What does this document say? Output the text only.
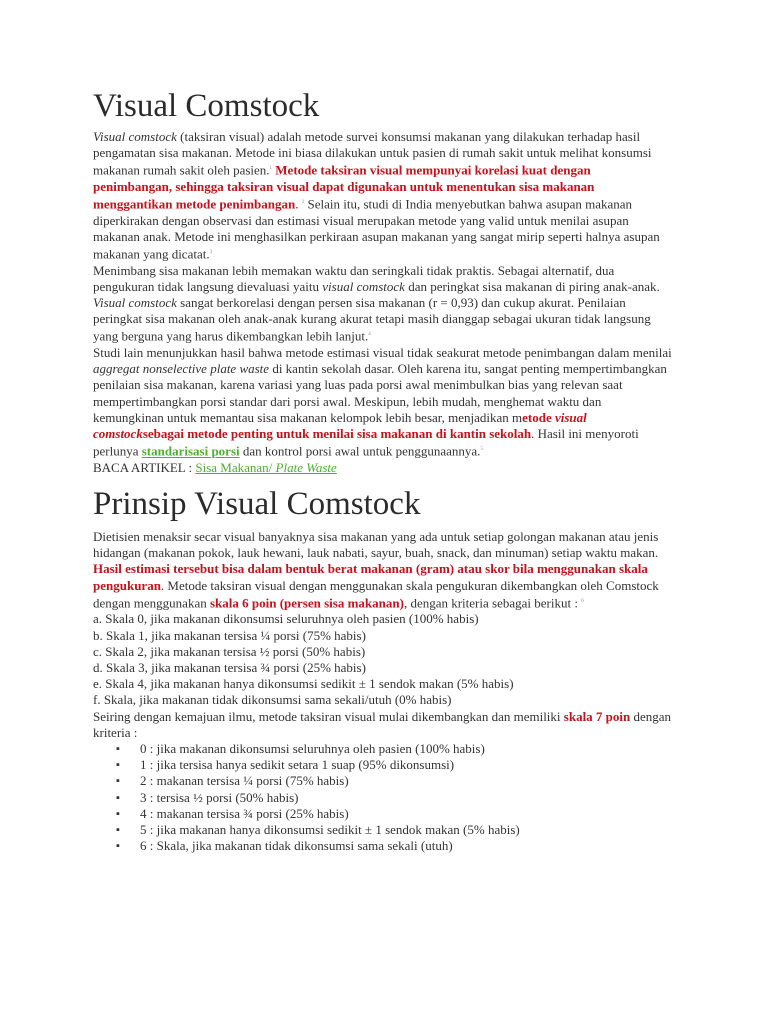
Visual Comstock
Visual comstock (taksiran visual) adalah metode survei konsumsi makanan yang dilakukan terhadap hasil pengamatan sisa makanan. Metode ini biasa dilakukan untuk pasien di rumah sakit untuk melihat konsumsi makanan rumah sakit oleh pasien.$^1$ Metode taksiran visual mempunyai korelasi kuat dengan penimbangan, sehingga taksiran visual dapat digunakan untuk menentukan sisa makanan menggantikan metode penimbangan. $^2$ Selain itu, studi di India menyebutkan bahwa asupan makanan diperkirakan dengan observasi dan estimasi visual merupakan metode yang valid untuk menilai asupan makanan anak. Metode ini menghasilkan perkiraan asupan makanan yang sangat mirip seperti halnya asupan makanan yang dicatat.$^3$
Menimbang sisa makanan lebih memakan waktu dan seringkali tidak praktis. Sebagai alternatif, dua pengukuran tidak langsung dievaluasi yaitu visual comstock dan peringkat sisa makanan di piring anak-anak. Visual comstock sangat berkorelasi dengan persen sisa makanan (r = 0,93) dan cukup akurat. Penilaian peringkat sisa makanan oleh anak-anak kurang akurat tetapi masih dianggap sebagai ukuran tidak langsung yang berguna yang harus dikembangkan lebih lanjut.$^4$
Studi lain menunjukkan hasil bahwa metode estimasi visual tidak seakurat metode penimbangan dalam menilai aggregat nonselective plate waste di kantin sekolah dasar. Oleh karena itu, sangat penting mempertimbangkan penilaian sisa makanan, karena variasi yang luas pada porsi awal menimbulkan bias yang relevan saat mempertimbangkan porsi standar dari porsi awal. Meskipun, lebih mudah, menghemat waktu dan kemungkinan untuk memantau sisa makanan kelompok lebih besar, menjadikan metode visual comstocksebagai metode penting untuk menilai sisa makanan di kantin sekolah. Hasil ini menyoroti perlunya standarisasi porsi dan kontrol porsi awal untuk penggunaannya.$^5$
BACA ARTIKEL : Sisa Makanan/ Plate Waste
Prinsip Visual Comstock
Dietisien menaksir secar visual banyaknya sisa makanan yang ada untuk setiap golongan makanan atau jenis hidangan (makanan pokok, lauk hewani, lauk nabati, sayur, buah, snack, dan minuman) setiap waktu makan. Hasil estimasi tersebut bisa dalam bentuk berat makanan (gram) atau skor bila menggunakan skala pengukuran. Metode taksiran visual dengan menggunakan skala pengukuran dikembangkan oleh Comstock dengan menggunakan skala 6 poin (persen sisa makanan), dengan kriteria sebagai berikut : $^6$
a. Skala 0, jika makanan dikonsumsi seluruhnya oleh pasien (100% habis)
b. Skala 1, jika makanan tersisa ¼ porsi (75% habis)
c. Skala 2, jika makanan tersisa ½ porsi (50% habis)
d. Skala 3, jika makanan tersisa ¾ porsi (25% habis)
e. Skala 4, jika makanan hanya dikonsumsi sedikit ± 1 sendok makan (5% habis)
f. Skala, jika makanan tidak dikonsumsi sama sekali/utuh (0% habis)
Seiring dengan kemajuan ilmu, metode taksiran visual mulai dikembangkan dan memiliki skala 7 poin dengan kriteria :
▪ 0 : jika makanan dikonsumsi seluruhnya oleh pasien (100% habis)
▪ 1 : jika tersisa hanya sedikit setara 1 suap (95% dikonsumsi)
▪ 2 : makanan tersisa ¼ porsi (75% habis)
▪ 3 : tersisa ½ porsi (50% habis)
▪ 4 : makanan tersisa ¾ porsi (25% habis)
▪ 5 : jika makanan hanya dikonsumsi sedikit ± 1 sendok makan (5% habis)
▪ 6 : Skala, jika makanan tidak dikonsumsi sama sekali (utuh)
